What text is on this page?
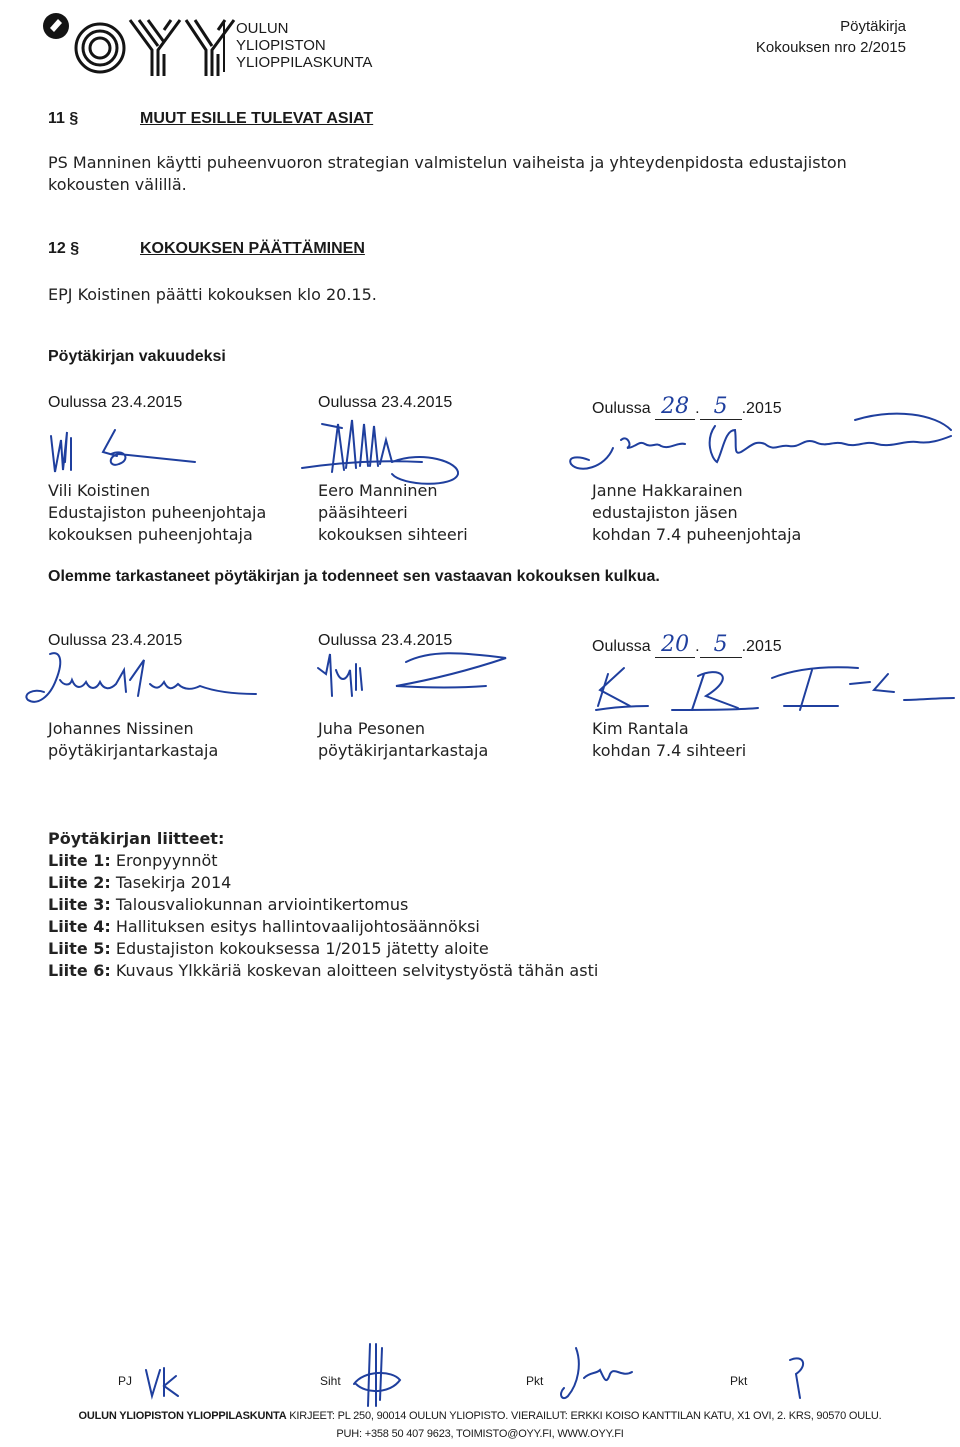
OULUN
YLIOPISTON
YLIOPPILASKUNTA
Pöytäkirja
Kokouksen nro 2/2015
11 §	MUUT ESILLE TULEVAT ASIAT
PS Manninen käytti puheenvuoron strategian valmistelun vaiheista ja yhteydenpidosta edustajiston kokousten välillä.
12 §	KOKOUKSEN PÄÄTTÄMINEN
EPJ Koistinen päätti kokouksen klo 20.15.
Pöytäkirjan vakuudeksi
Oulussa 23.4.2015	Oulussa 23.4.2015	Oulussa 28 . 5 .2015
Vili Koistinen
Edustajiston puheenjohtaja
kokouksen puheenjohtaja
Eero Manninen
pääsihteeri
kokouksen sihteeri
Janne Hakkarainen
edustajiston jäsen
kohdan 7.4 puheenjohtaja
Olemme tarkastaneet pöytäkirjan ja todenneet sen vastaavan kokouksen kulkua.
Oulussa 23.4.2015	Oulussa 23.4.2015	Oulussa 20 . 5 .2015
Johannes Nissinen
pöytäkirjantarkastaja
Juha Pesonen
pöytäkirjantarkastaja
Kim Rantala
kohdan 7.4 sihteeri
Pöytäkirjan liitteet:
Liite 1: Eronpyynnöt
Liite 2: Tasekirja 2014
Liite 3: Talousvaliokunnan arviointikertomus
Liite 4: Hallituksen esitys hallintovaalijohtosäännöksi
Liite 5: Edustajiston kokouksessa 1/2015 jätetty aloite
Liite 6: Kuvaus Ylkkäriä koskevan aloitteen selvitystyöstä tähän asti
PJ	Siht	Pkt	Pkt
OULUN YLIOPISTON YLIOPPILASKUNTA KIRJEET: PL 250, 90014 OULUN YLIOPISTO. VIERAILUT: ERKKI KOISO KANTTILAN KATU, X1 OVI, 2. KRS, 90570 OULU.
PUH: +358 50 407 9623, TOIMISTO@OYY.FI, WWW.OYY.FI
